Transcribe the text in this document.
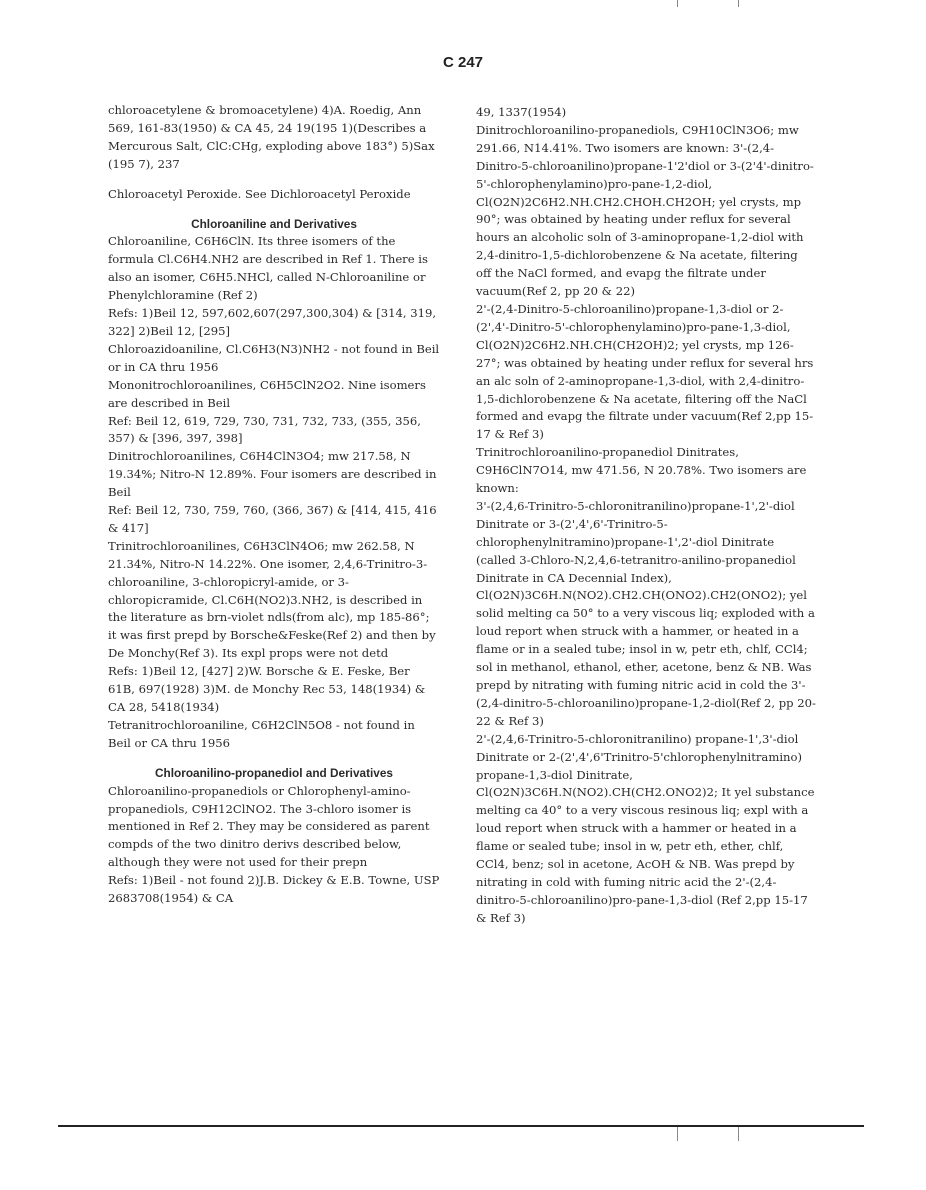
C 247

chloroacetylene & bromoacetylene) 4)A. Roedig, Ann 569, 161-83(1950) & CA 45, 24 19(195 1)(Describes a Mercurous Salt, ClC:CHg, exploding above 183°) 5)Sax (195 7), 237

Chloroacetyl Peroxide. See Dichloroacetyl Peroxide

Chloroaniline and Derivatives

Chloroaniline, C6H6ClN. Its three isomers of the formula Cl.C6H4.NH2 are described in Ref 1. There is also an isomer, C6H5.NHCl, called N-Chloroaniline or Phenylchloramine (Ref 2)

Refs: 1)Beil 12, 597,602,607(297,300,304) & [314, 319, 322] 2)Beil 12, [295]

Chloroazidoaniline, Cl.C6H3(N3)NH2 - not found in Beil or in CA thru 1956

Mononitrochloroanilines, C6H5ClN2O2. Nine isomers are described in Beil

Ref: Beil 12, 619, 729, 730, 731, 732, 733, (355, 356, 357) & [396, 397, 398]

Dinitrochloroanilines, C6H4ClN3O4; mw 217.58, N 19.34%; Nitro-N 12.89%. Four isomers are described in Beil

Ref: Beil 12, 730, 759, 760, (366, 367) & [414, 415, 416 & 417]

Trinitrochloroanilines, C6H3ClN4O6; mw 262.58, N 21.34%, Nitro-N 14.22%. One isomer, 2,4,6-Trinitro-3-chloroaniline, 3-chloropicryl-amide, or 3-chloropicramide, Cl.C6H(NO2)3.NH2, is described in the literature as brn-violet ndls(from alc), mp 185-86°; it was first prepd by Borsche&Feske(Ref 2) and then by De Monchy(Ref 3). Its expl props were not detd

Refs: 1)Beil 12, [427] 2)W. Borsche & E. Feske, Ber 61B, 697(1928) 3)M. de Monchy Rec 53, 148(1934) & CA 28, 5418(1934)

Tetranitrochloroaniline, C6H2ClN5O8 - not found in Beil or CA thru 1956

Chloroanilino-propanediol and Derivatives

Chloroanilino-propanediols or Chlorophenyl-amino-propanediols, C9H12ClNO2. The 3-chloro isomer is mentioned in Ref 2. They may be considered as parent compds of the two dinitro derivs described below, although they were not used for their prepn

Refs: 1)Beil - not found 2)J.B. Dickey & E.B. Towne, USP 2683708(1954) & CA

49, 1337(1954)

Dinitrochloroanilino-propanediols, C9H10ClN3O6; mw 291.66, N14.41%. Two isomers are known: 3'-(2,4-Dinitro-5-chloroanilino)propane-1'2'diol or 3-(2'4'-dinitro-5'-chlorophenylamino)pro-pane-1,2-diol, Cl(O2N)2C6H2.NH.CH2.CHOH.CH2OH; yel crysts, mp 90°; was obtained by heating under reflux for several hours an alcoholic soln of 3-aminopropane-1,2-diol with 2,4-dinitro-1,5-dichlorobenzene & Na acetate, filtering off the NaCl formed, and evapg the filtrate under vacuum(Ref 2, pp 20 & 22)

2'-(2,4-Dinitro-5-chloroanilino)propane-1,3-diol or 2-(2',4'-Dinitro-5'-chlorophenylamino)pro-pane-1,3-diol, Cl(O2N)2C6H2.NH.CH(CH2OH)2; yel crysts, mp 126-27°; was obtained by heating under reflux for several hrs an alc soln of 2-aminopropane-1,3-diol, with 2,4-dinitro-1,5-dichlorobenzene & Na acetate, filtering off the NaCl formed and evapg the filtrate under vacuum(Ref 2,pp 15-17 & Ref 3)

Trinitrochloroanilino-propanediol Dinitrates, C9H6ClN7O14, mw 471.56, N 20.78%. Two isomers are known:

3'-(2,4,6-Trinitro-5-chloronitranilino)propane-1',2'-diol Dinitrate or 3-(2',4',6'-Trinitro-5-chlorophenylnitramino)propane-1',2'-diol Dinitrate (called 3-Chloro-N,2,4,6-tetranitro-anilino-propanediol Dinitrate in CA Decennial Index), Cl(O2N)3C6H.N(NO2).CH2.CH(ONO2).CH2(ONO2); yel solid melting ca 50° to a very viscous liq; exploded with a loud report when struck with a hammer, or heated in a flame or in a sealed tube; insol in w, petr eth, chlf, CCl4; sol in methanol, ethanol, ether, acetone, benz & NB. Was prepd by nitrating with fuming nitric acid in cold the 3'-(2,4-dinitro-5-chloroanilino)propane-1,2-diol(Ref 2, pp 20-22 & Ref 3)

2'-(2,4,6-Trinitro-5-chloronitranilino) propane-1',3'-diol Dinitrate or 2-(2',4',6'Trinitro-5'chlorophenylnitramino) propane-1,3-diol Dinitrate, Cl(O2N)3C6H.N(NO2).CH(CH2.ONO2)2; It yel substance melting ca 40° to a very viscous resinous liq; expl with a loud report when struck with a hammer or heated in a flame or sealed tube; insol in w, petr eth, ether, chlf, CCl4, benz; sol in acetone, AcOH & NB. Was prepd by nitrating in cold with fuming nitric acid the 2'-(2,4-dinitro-5-chloroanilino)pro-pane-1,3-diol (Ref 2,pp 15-17 & Ref 3)
